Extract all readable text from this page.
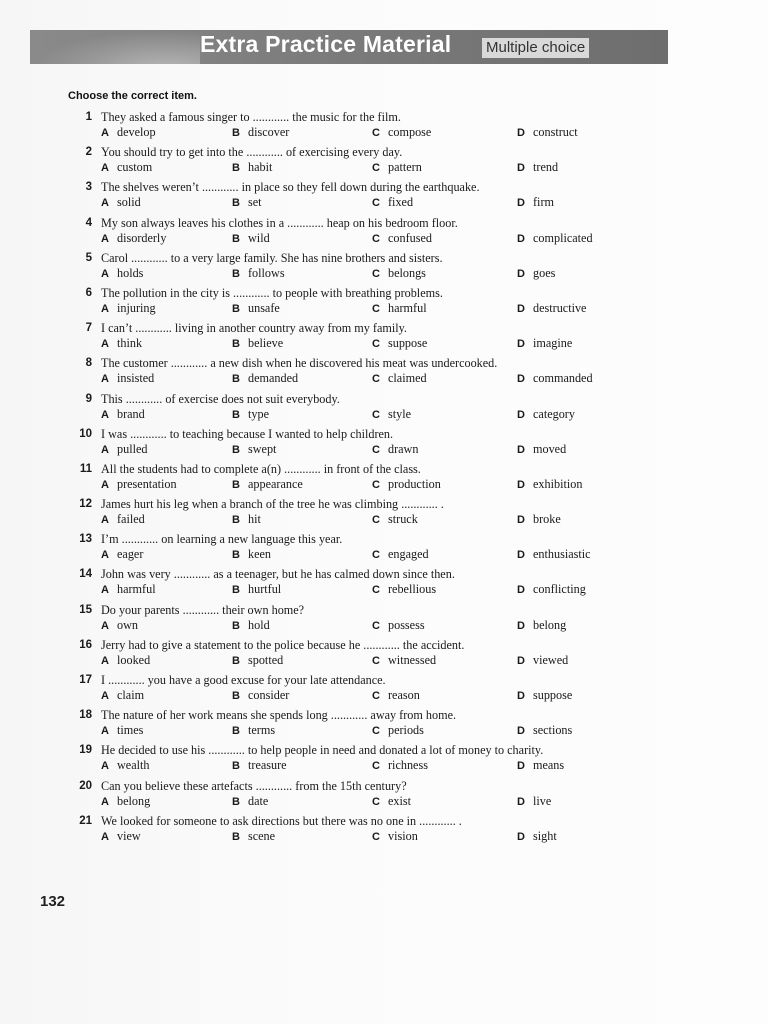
Extra Practice Material Multiple choice
Choose the correct item.
1 They asked a famous singer to ............ the music for the film.
A develop	B discover	C compose	D construct
2 You should try to get into the ............ of exercising every day.
A custom	B habit	C pattern	D trend
3 The shelves weren’t ............ in place so they fell down during the earthquake.
A solid	B set	C fixed	D firm
4 My son always leaves his clothes in a ............ heap on his bedroom floor.
A disorderly	B wild	C confused	D complicated
5 Carol ............ to a very large family. She has nine brothers and sisters.
A holds	B follows	C belongs	D goes
6 The pollution in the city is ............ to people with breathing problems.
A injuring	B unsafe	C harmful	D destructive
7 I can’t ............ living in another country away from my family.
A think	B believe	C suppose	D imagine
8 The customer ............ a new dish when he discovered his meat was undercooked.
A insisted	B demanded	C claimed	D commanded
9 This ............ of exercise does not suit everybody.
A brand	B type	C style	D category
10 I was ............ to teaching because I wanted to help children.
A pulled	B swept	C drawn	D moved
11 All the students had to complete a(n) ............ in front of the class.
A presentation	B appearance	C production	D exhibition
12 James hurt his leg when a branch of the tree he was climbing ............ .
A failed	B hit	C struck	D broke
13 I’m ............ on learning a new language this year.
A eager	B keen	C engaged	D enthusiastic
14 John was very ............ as a teenager, but he has calmed down since then.
A harmful	B hurtful	C rebellious	D conflicting
15 Do your parents ............ their own home?
A own	B hold	C possess	D belong
16 Jerry had to give a statement to the police because he ............ the accident.
A looked	B spotted	C witnessed	D viewed
17 I ............ you have a good excuse for your late attendance.
A claim	B consider	C reason	D suppose
18 The nature of her work means she spends long ............ away from home.
A times	B terms	C periods	D sections
19 He decided to use his ............ to help people in need and donated a lot of money to charity.
A wealth	B treasure	C richness	D means
20 Can you believe these artefacts ............ from the 15th century?
A belong	B date	C exist	D live
21 We looked for someone to ask directions but there was no one in ............ .
A view	B scene	C vision	D sight
132
